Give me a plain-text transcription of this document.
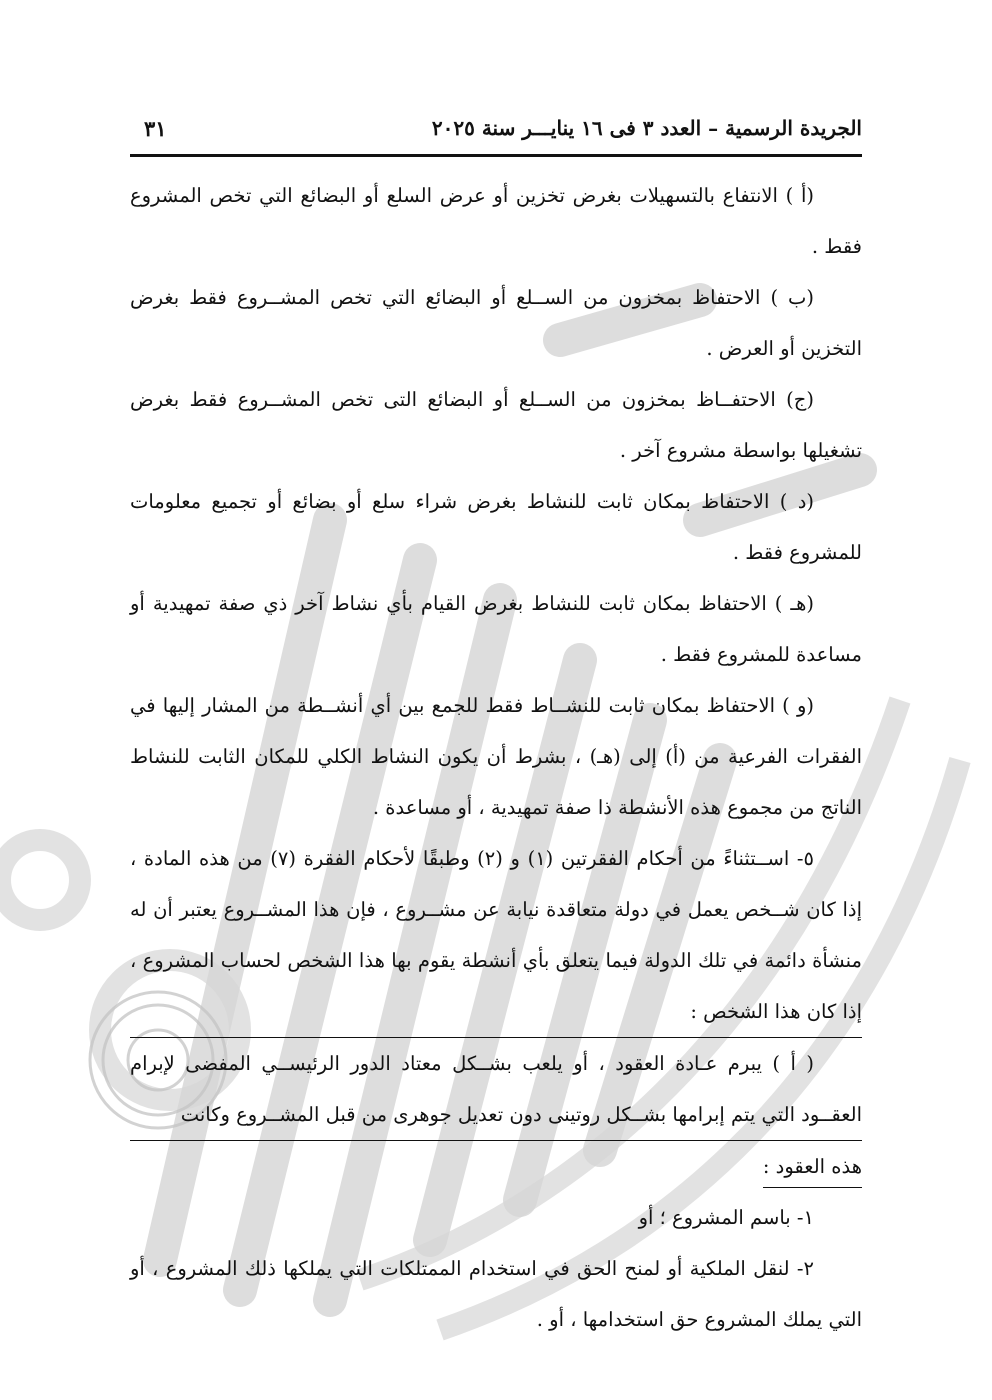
الجريدة الرسمية – العدد ٣ فى ١٦ ينايـــر سنة ٢٠٢٥
٣١

(أ ) الانتفاع بالتسهيلات بغرض تخزين أو عرض السلع أو البضائع التي تخص المشروع فقط .

(ب ) الاحتفاظ بمخزون من الســلع أو البضائع التي تخص المشــروع فقط بغرض التخزين أو العرض .

(ج) الاحتفــاظ بمخزون من الســلع أو البضائع التى تخص المشــروع فقط بغرض تشغيلها بواسطة مشروع آخر .

(د ) الاحتفاظ بمكان ثابت للنشاط بغرض شراء سلع أو بضائع أو تجميع معلومات للمشروع فقط .

(هـ ) الاحتفاظ بمكان ثابت للنشاط بغرض القيام بأي نشاط آخر ذي صفة تمهيدية أو مساعدة للمشروع فقط .

(و ) الاحتفاظ بمكان ثابت للنشــاط فقط للجمع بين أي أنشــطة من المشار إليها في الفقرات الفرعية من (أ) إلى (هـ) ، بشرط أن يكون النشاط الكلي للمكان الثابت للنشاط الناتج من مجموع هذه الأنشطة ذا صفة تمهيدية ، أو مساعدة .

٥- اســتثناءً من أحكام الفقرتين (١) و (٢) وطبقًا لأحكام الفقرة (٧) من هذه المادة ، إذا كان شــخص يعمل في دولة متعاقدة نيابة عن مشــروع ، فإن هذا المشــروع يعتبر أن له منشأة دائمة في تلك الدولة فيما يتعلق بأي أنشطة يقوم بها هذا الشخص لحساب المشروع ، إذا كان هذا الشخص :

( أ ) يبرم عـادة العقود ، أو يلعب بشــكل معتاد الدور الرئيســي المفضى لإبرام العقــود التي يتم إبرامها بشــكل روتينى دون تعديل جوهرى من قبل المشــروع وكانت

هذه العقود :

١- باسم المشروع ؛ أو

٢- لنقل الملكية أو لمنح الحق في استخدام الممتلكات التي يملكها ذلك المشروع ، أو التي يملك المشروع حق استخدامها ، أو .
